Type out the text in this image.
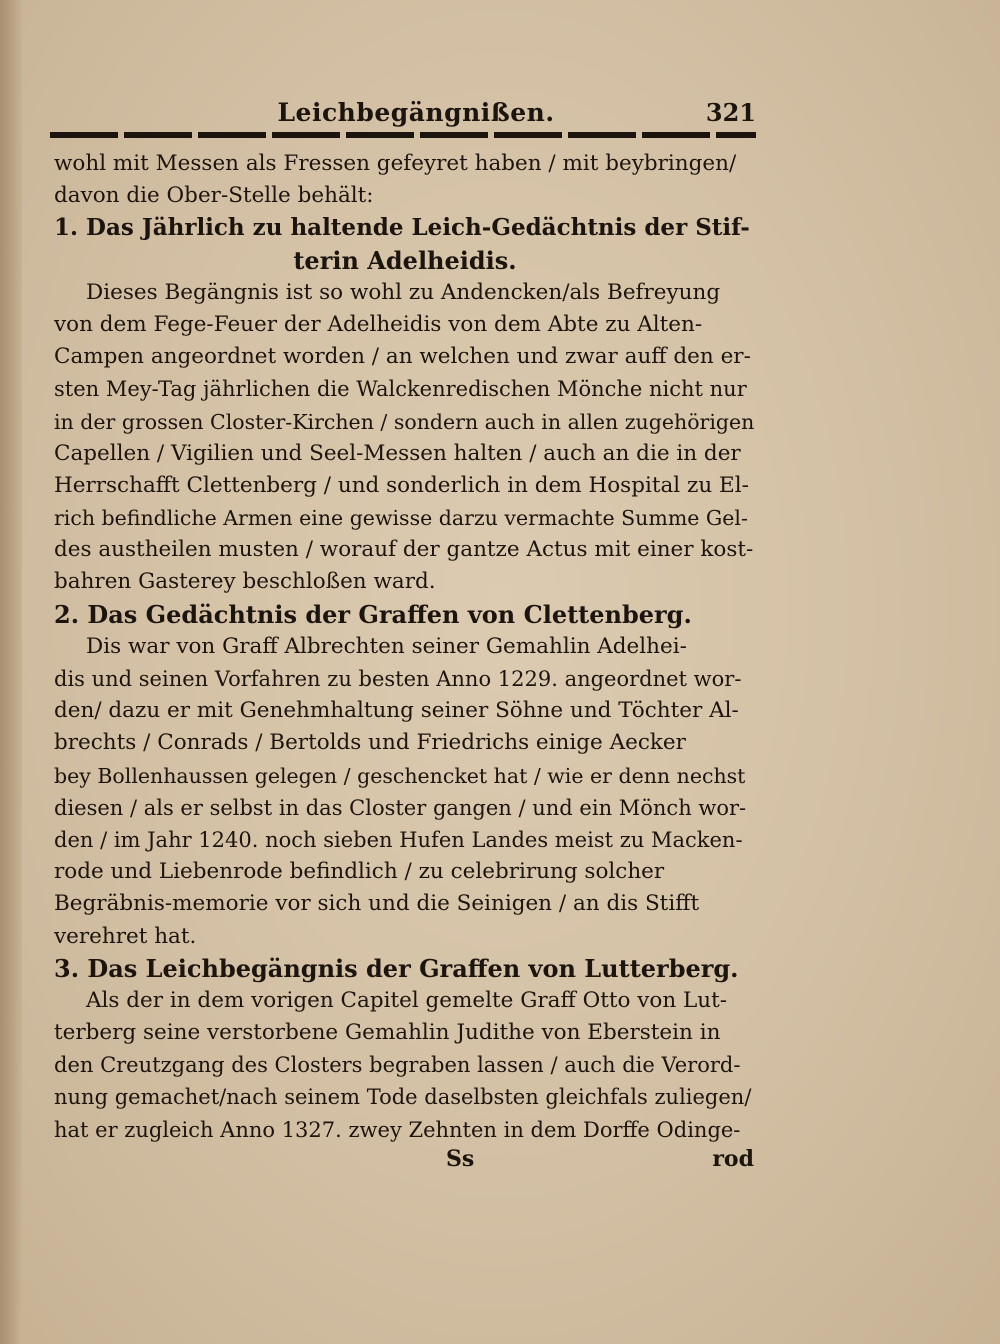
Leichbegängnißen.	321
wohl mit Messen als Fressen gefeyret haben / mit beybringen/
davon die Ober-Stelle behält:
1. Das Jährlich zu haltende Leich-Gedächtnis der Stif-
terin Adelheidis.
Dieses Begängnis ist so wohl zu Andencken/als Befreyung
von dem Fege-Feuer der Adelheidis von dem Abte zu Alten-
Campen angeordnet worden / an welchen und zwar auff den er-
sten Mey-Tag jährlichen die Walckenredischen Mönche nicht nur
in der grossen Closter-Kirchen / sondern auch in allen zugehörigen
Capellen / Vigilien und Seel-Messen halten / auch an die in der
Herrschafft Clettenberg / und sonderlich in dem Hospital zu El-
rich befindliche Armen eine gewisse darzu vermachte Summe Gel-
des austheilen musten / worauf der gantze Actus mit einer kost-
bahren Gasterey beschloßen ward.
2. Das Gedächtnis der Graffen von Clettenberg.
Dis war von Graff Albrechten seiner Gemahlin Adelhei-
dis und seinen Vorfahren zu besten Anno 1229. angeordnet wor-
den/ dazu er mit Genehmhaltung seiner Söhne und Töchter Al-
brechts / Conrads / Bertolds und Friedrichs einige Aecker
bey Bollenhaussen gelegen / geschencket hat / wie er denn nechst
diesen / als er selbst in das Closter gangen / und ein Mönch wor-
den / im Jahr 1240. noch sieben Hufen Landes meist zu Macken-
rode und Liebenrode befindlich / zu celebrirung solcher
Begräbnis-memorie vor sich und die Seinigen / an dis Stifft
verehret hat.
3. Das Leichbegängnis der Graffen von Lutterberg.
Als der in dem vorigen Capitel gemelte Graff Otto von Lut-
terberg seine verstorbene Gemahlin Judithe von Eberstein in
den Creutzgang des Closters begraben lassen / auch die Verord-
nung gemachet/nach seinem Tode daselbsten gleichfals zuliegen/
hat er zugleich Anno 1327. zwey Zehnten in dem Dorffe Odinge-
Ss	rod
